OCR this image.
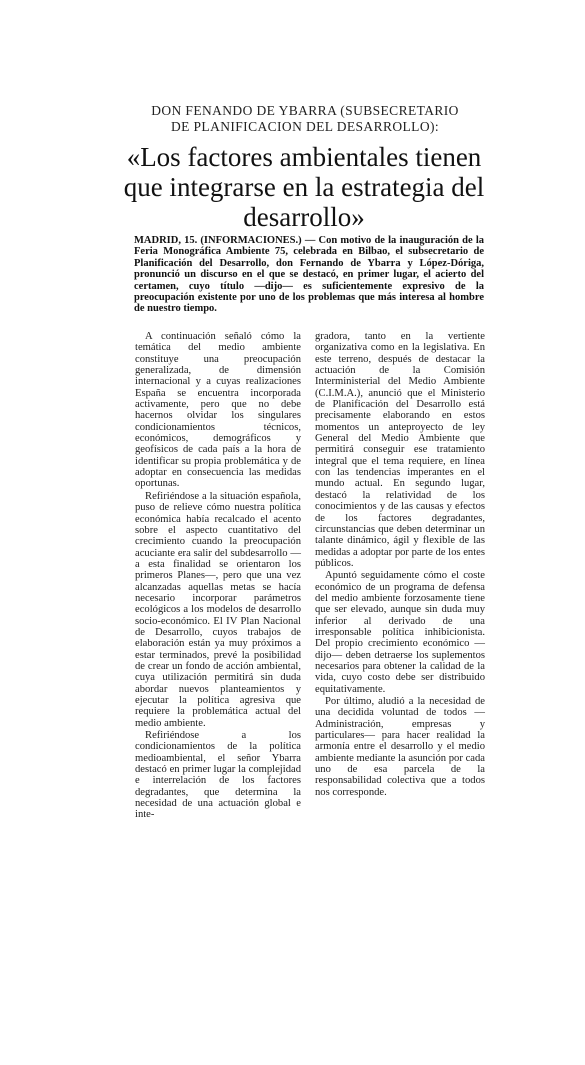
DON FENANDO DE YBARRA (SUBSECRETARIO
DE PLANIFICACION DEL DESARROLLO):
«Los factores ambientales tienen que integrarse en la estrategia del desarrollo»

MADRID, 15. (INFORMACIONES.) — Con motivo de la inauguración de la Feria Monográfica Ambiente 75, celebrada en Bilbao, el subsecretario de Planificación del Desarrollo, don Fernando de Ybarra y López-Dóriga, pronunció un discurso en el que se destacó, en primer lugar, el acierto del certamen, cuyo título —dijo— es suficientemente expresivo de la preocupación existente por uno de los problemas que más interesa al hombre de nuestro tiempo.

A continuación señaló cómo la temática del medio ambiente constituye una preocupación generalizada, de dimensión internacional y a cuyas realizaciones España se encuentra incorporada activamente, pero que no debe hacernos olvidar los singulares condicionamientos técnicos, económicos, demográficos y geofísicos de cada país a la hora de identificar su propia problemática y de adoptar en consecuencia las medidas oportunas.

Refiriéndose a la situación española, puso de relieve cómo nuestra política económica había recalcado el acento sobre el aspecto cuantitativo del crecimiento cuando la preocupación acuciante era salir del subdesarrollo —a esta finalidad se orientaron los primeros Planes—, pero que una vez alcanzadas aquellas metas se hacía necesario incorporar parámetros ecológicos a los modelos de desarrollo socio-económico. El IV Plan Nacional de Desarrollo, cuyos trabajos de elaboración están ya muy próximos a estar terminados, prevé la posibilidad de crear un fondo de acción ambiental, cuya utilización permitirá sin duda abordar nuevos planteamientos y ejecutar la política agresiva que requiere la problemática actual del medio ambiente.

Refiriéndose a los condicionamientos de la política medioambiental, el señor Ybarra destacó en primer lugar la complejidad e interrelación de los factores degradantes, que determina la necesidad de una actuación global e inte-

gradora, tanto en la vertiente organizativa como en la legislativa. En este terreno, después de destacar la actuación de la Comisión Interministerial del Medio Ambiente (C.I.M.A.), anunció que el Ministerio de Planificación del Desarrollo está precisamente elaborando en estos momentos un anteproyecto de ley General del Medio Ambiente que permitirá conseguir ese tratamiento integral que el tema requiere, en línea con las tendencias imperantes en el mundo actual. En segundo lugar, destacó la relatividad de los conocimientos y de las causas y efectos de los factores degradantes, circunstancias que deben determinar un talante dinámico, ágil y flexible de las medidas a adoptar por parte de los entes públicos.

Apuntó seguidamente cómo el coste económico de un programa de defensa del medio ambiente forzosamente tiene que ser elevado, aunque sin duda muy inferior al derivado de una irresponsable política inhibicionista. Del propio crecimiento económico —dijo— deben detraerse los suplementos necesarios para obtener la calidad de la vida, cuyo costo debe ser distribuido equitativamente.

Por último, aludió a la necesidad de una decidida voluntad de todos —Administración, empresas y particulares— para hacer realidad la armonía entre el desarrollo y el medio ambiente mediante la asunción por cada uno de esa parcela de la responsabilidad colectiva que a todos nos corresponde.
